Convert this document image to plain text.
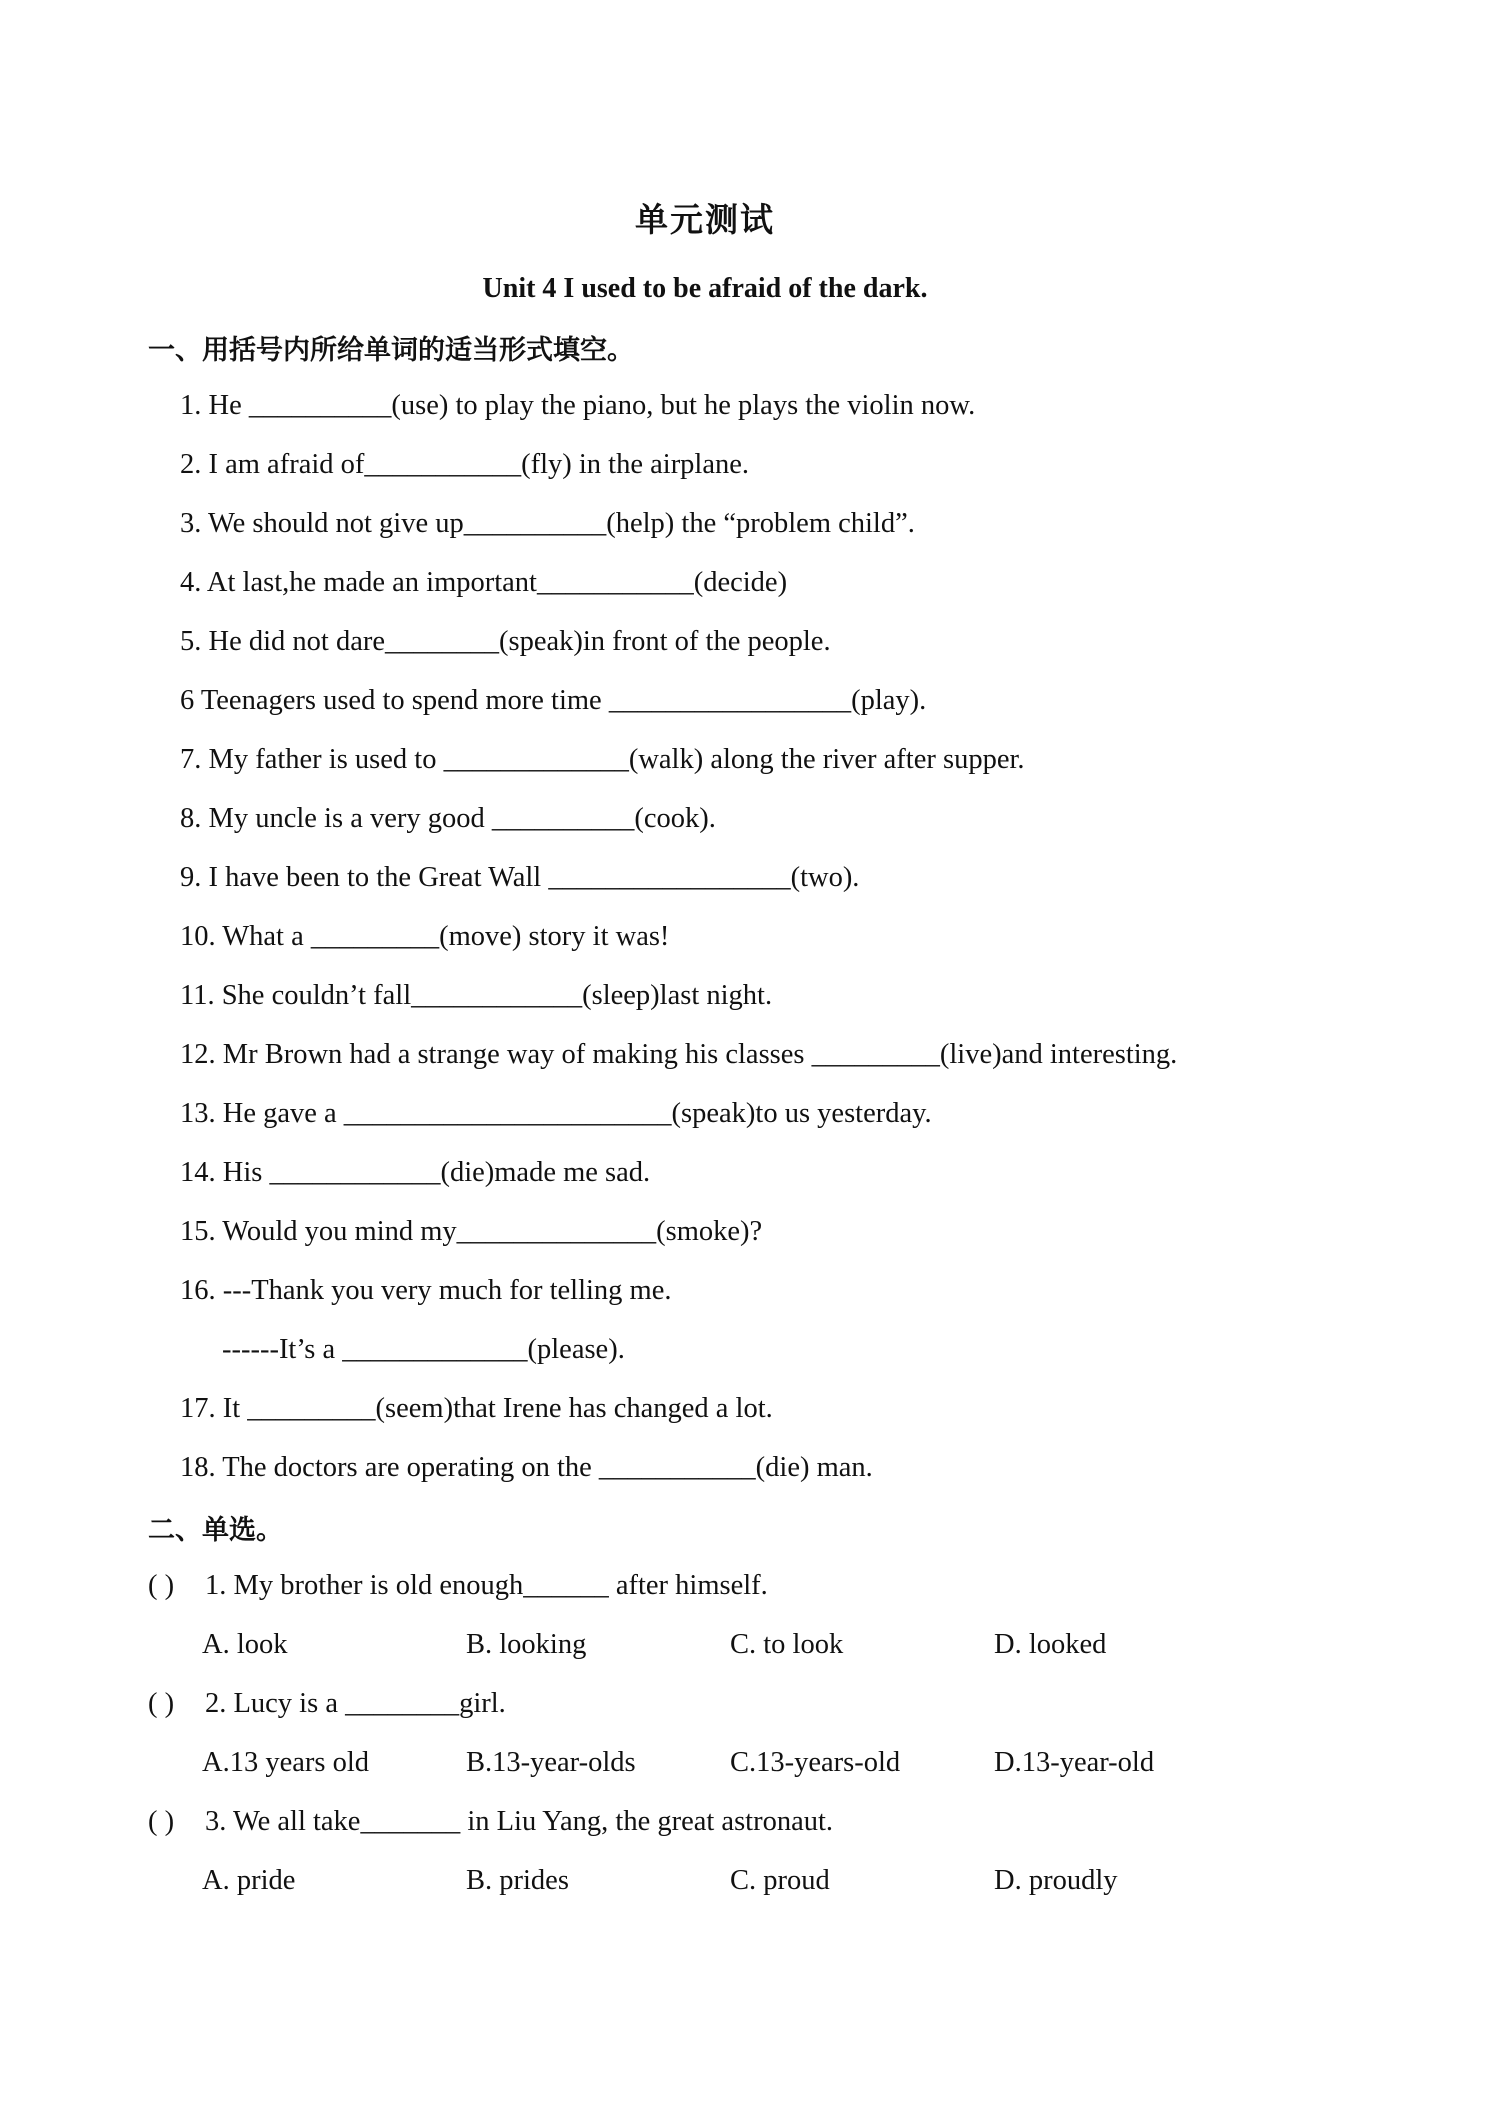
单元测试
Unit 4 I used to be afraid of the dark.
一、用括号内所给单词的适当形式填空。
1. He __________(use) to play the piano, but he plays the violin now.
2. I am afraid of___________(fly) in the airplane.
3. We should not give up__________(help) the “problem child”.
4. At last,he made an important___________(decide)
5. He did not dare________(speak)in front of the people.
6 Teenagers used to spend more time _________________(play).
7. My father is used to _____________(walk) along the river after supper.
8. My uncle is a very good __________(cook).
9. I have been to the Great Wall _________________(two).
10. What a _________(move) story it was!
11. She couldn’t fall____________(sleep)last night.
12. Mr Brown had a strange way of making his classes _________(live)and interesting.
13. He gave a _______________________(speak)to us yesterday.
14. His ____________(die)made me sad.
15. Would you mind my______________(smoke)?
16. ---Thank you very much for telling me.
------It’s a _____________(please).
17. It _________(seem)that Irene has changed a lot.
18. The doctors are operating on the ___________(die) man.
二、单选。
( ) 1. My brother is old enough______ after himself.
A. look	B. looking	C. to look	D. looked
( ) 2. Lucy is a ________girl.
A.13 years old	B.13-year-olds	C.13-years-old	D.13-year-old
( ) 3. We all take_______ in Liu Yang, the great astronaut.
A. pride	B. prides	C. proud	D. proudly
